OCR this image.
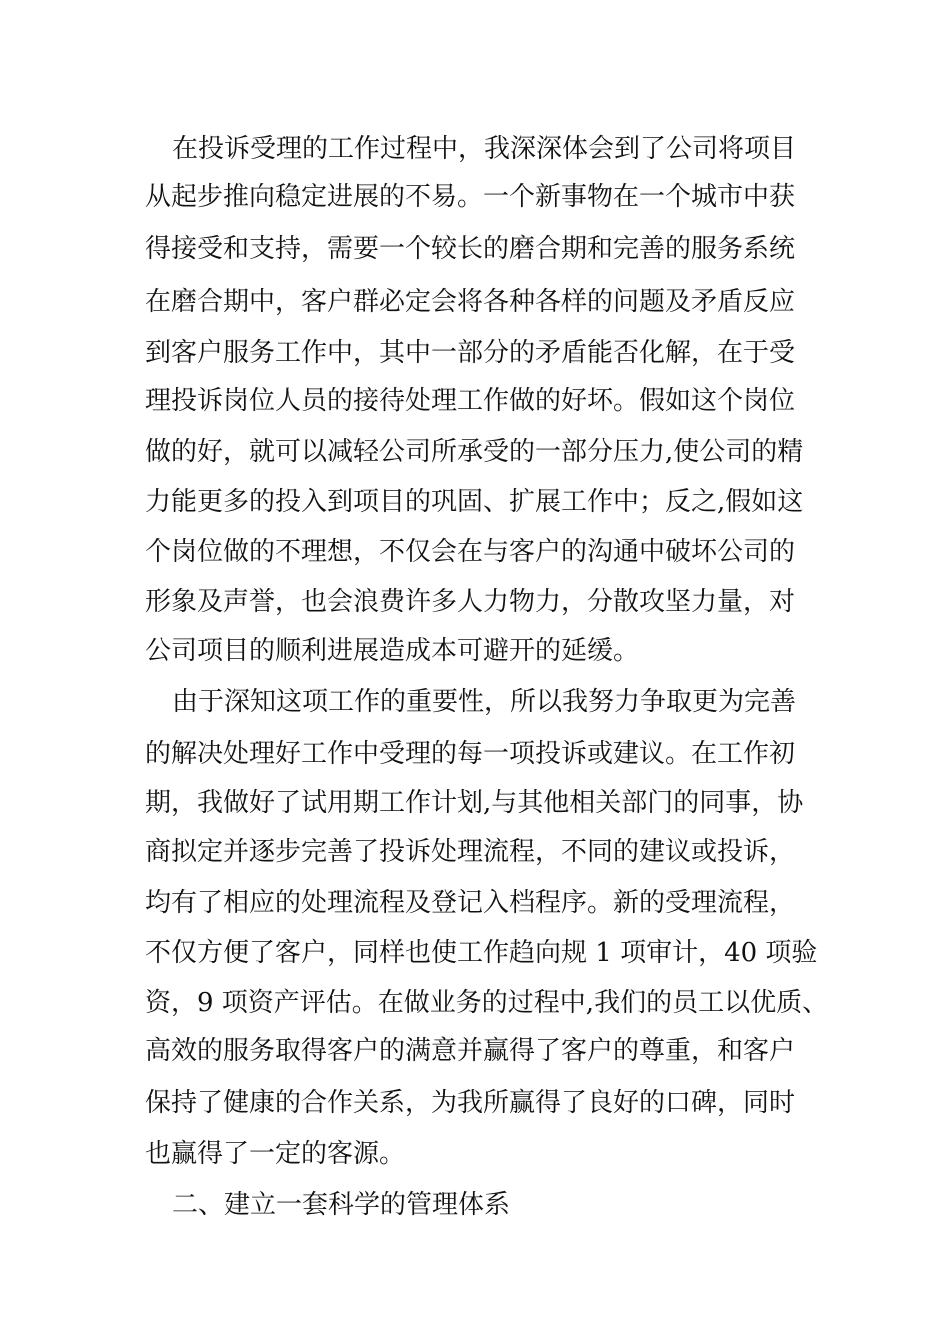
在投诉受理的工作过程中，我深深体会到了公司将项目
从起步推向稳定进展的不易。一个新事物在一个城市中获
得接受和支持，需要一个较长的磨合期和完善的服务系统
在磨合期中，客户群必定会将各种各样的问题及矛盾反应
到客户服务工作中，其中一部分的矛盾能否化解，在于受
理投诉岗位人员的接待处理工作做的好坏。假如这个岗位
做的好，就可以减轻公司所承受的一部分压力,使公司的精
力能更多的投入到项目的巩固、扩展工作中；反之,假如这
个岗位做的不理想，不仅会在与客户的沟通中破坏公司的
形象及声誉，也会浪费许多人力物力，分散攻坚力量，对
公司项目的顺利进展造成本可避开的延缓。
由于深知这项工作的重要性，所以我努力争取更为完善
的解决处理好工作中受理的每一项投诉或建议。在工作初
期，我做好了试用期工作计划,与其他相关部门的同事，协
商拟定并逐步完善了投诉处理流程，不同的建议或投诉，
均有了相应的处理流程及登记入档程序。新的受理流程，
不仅方便了客户，同样也使工作趋向规 1 项审计，40 项验
资，9 项资产评估。在做业务的过程中,我们的员工以优质、
高效的服务取得客户的满意并赢得了客户的尊重，和客户
保持了健康的合作关系，为我所赢得了良好的口碑，同时
也赢得了一定的客源。
二、建立一套科学的管理体系
